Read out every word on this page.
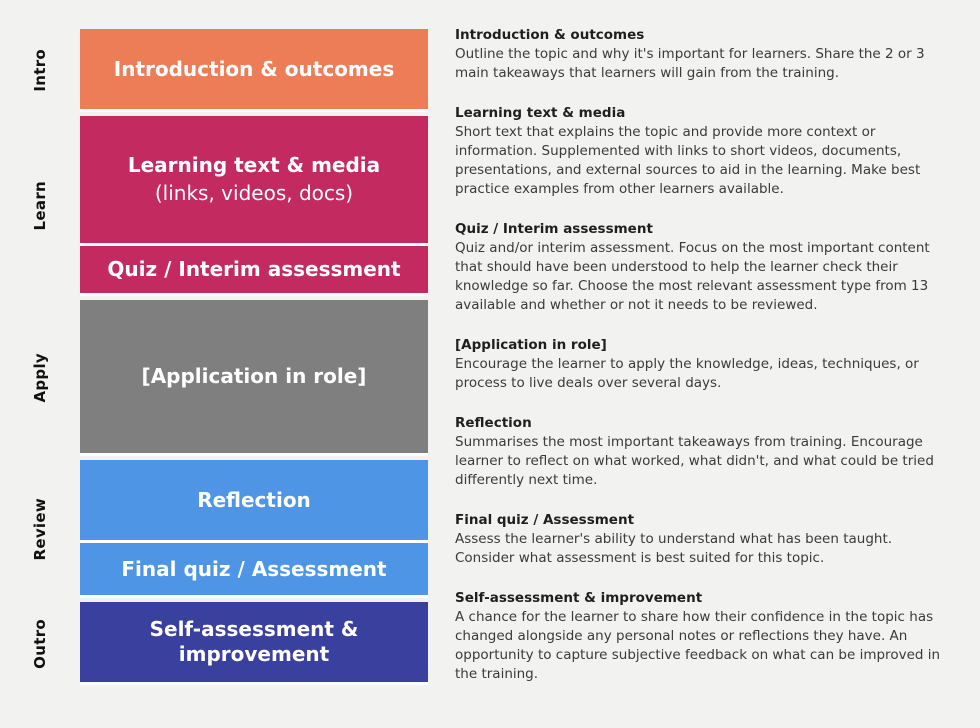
Intro	Introduction & outcomes
Learn
Learning text & media
(links, videos, docs)
Quiz / Interim assessment
Apply	[Application in role]
Review	Reflection
Final quiz / Assessment
Outro	Self-assessment & improvement
Introduction & outcomes

Outline the topic and why it's important for learners. Share the 2 or 3 main takeaways that learners will gain from the training.

Learning text & media

Short text that explains the topic and provide more context or information. Supplemented with links to short videos, documents, presentations, and external sources to aid in the learning. Make best practice examples from other learners available.

Quiz / Interim assessment

Quiz and/or interim assessment. Focus on the most important content that should have been understood to help the learner check their knowledge so far. Choose the most relevant assessment type from 13 available and whether or not it needs to be reviewed.

[Application in role]

Encourage the learner to apply the knowledge, ideas, techniques, or process to live deals over several days.

Reflection

Summarises the most important takeaways from training. Encourage learner to reflect on what worked, what didn't, and what could be tried differently next time.

Final quiz / Assessment

Assess the learner's ability to understand what has been taught. Consider what assessment is best suited for this topic.

Self-assessment & improvement

A chance for the learner to share how their confidence in the topic has changed alongside any personal notes or reflections they have. An opportunity to capture subjective feedback on what can be improved in the training.
